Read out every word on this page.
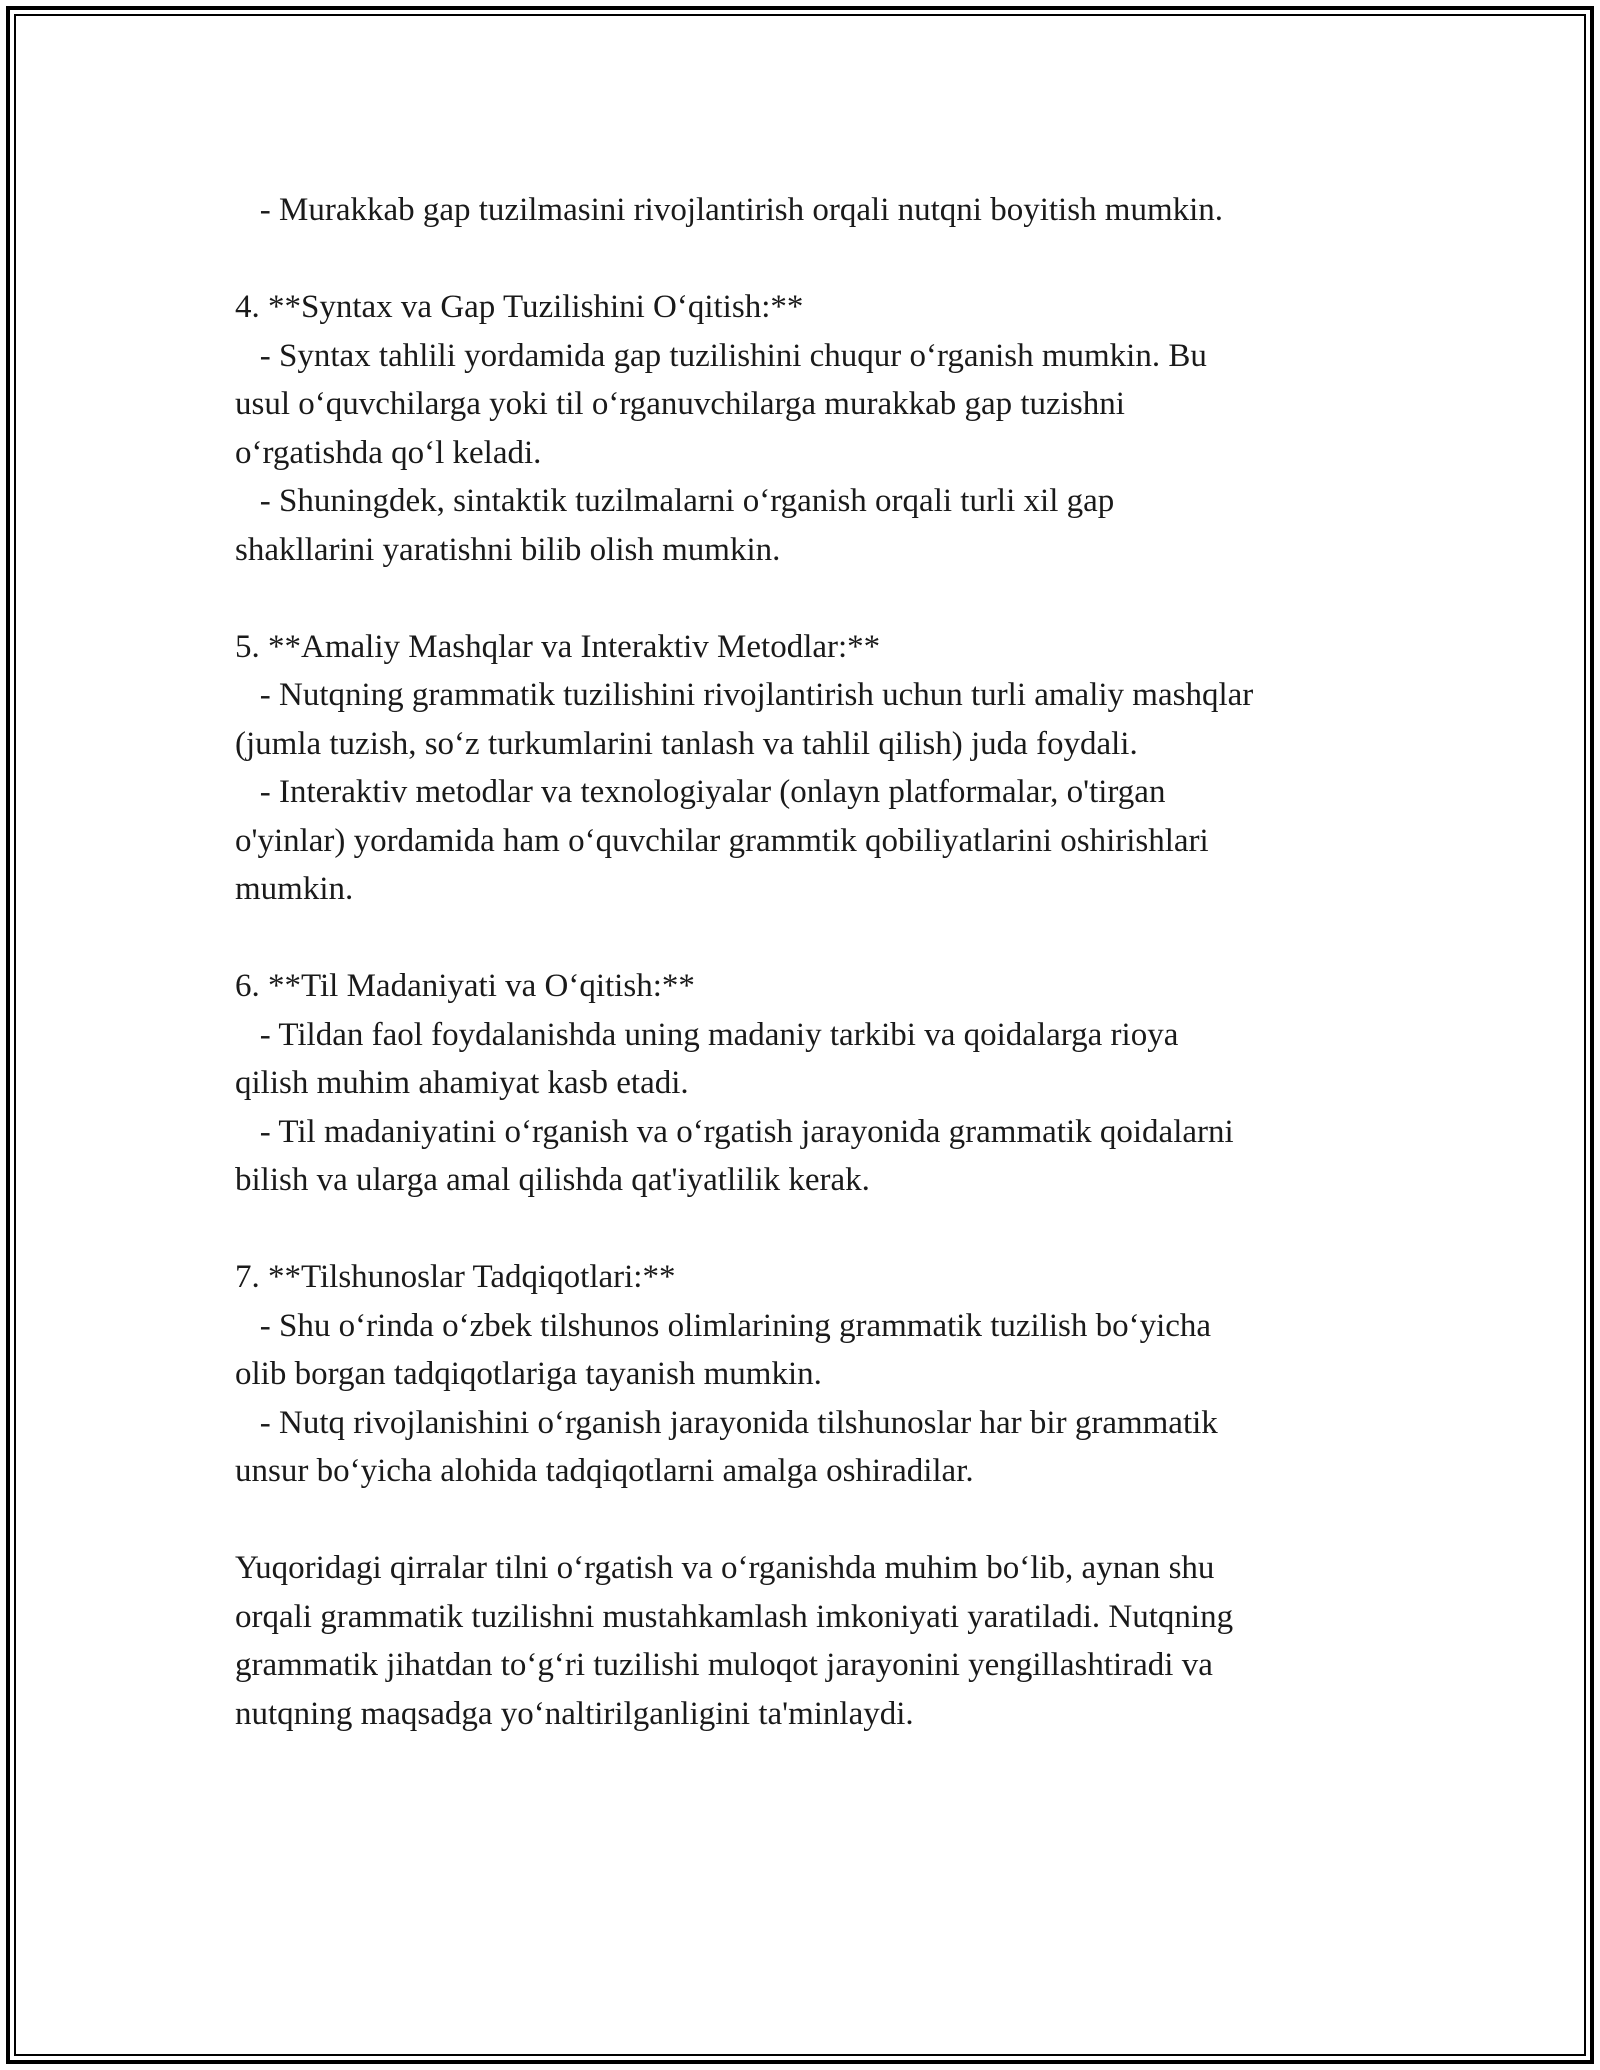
- Murakkab gap tuzilmasini rivojlantirish orqali nutqni boyitish mumkin.
4. **Syntax va Gap Tuzilishini O‘qitish:**
- Syntax tahlili yordamida gap tuzilishini chuqur o‘rganish mumkin. Bu
usul o‘quvchilarga yoki til o‘rganuvchilarga murakkab gap tuzishni
o‘rgatishda qo‘l keladi.
- Shuningdek, sintaktik tuzilmalarni o‘rganish orqali turli xil gap
shakllarini yaratishni bilib olish mumkin.
5. **Amaliy Mashqlar va Interaktiv Metodlar:**
- Nutqning grammatik tuzilishini rivojlantirish uchun turli amaliy mashqlar
(jumla tuzish, so‘z turkumlarini tanlash va tahlil qilish) juda foydali.
- Interaktiv metodlar va texnologiyalar (onlayn platformalar, o'tirgan
o'yinlar) yordamida ham o‘quvchilar grammtik qobiliyatlarini oshirishlari
mumkin.
6. **Til Madaniyati va O‘qitish:**
- Tildan faol foydalanishda uning madaniy tarkibi va qoidalarga rioya
qilish muhim ahamiyat kasb etadi.
- Til madaniyatini o‘rganish va o‘rgatish jarayonida grammatik qoidalarni
bilish va ularga amal qilishda qat'iyatlilik kerak.
7. **Tilshunoslar Tadqiqotlari:**
- Shu o‘rinda o‘zbek tilshunos olimlarining grammatik tuzilish bo‘yicha
olib borgan tadqiqotlariga tayanish mumkin.
- Nutq rivojlanishini o‘rganish jarayonida tilshunoslar har bir grammatik
unsur bo‘yicha alohida tadqiqotlarni amalga oshiradilar.
Yuqoridagi qirralar tilni o‘rgatish va o‘rganishda muhim bo‘lib, aynan shu
orqali grammatik tuzilishni mustahkamlash imkoniyati yaratiladi. Nutqning
grammatik jihatdan to‘g‘ri tuzilishi muloqot jarayonini yengillashtiradi va
nutqning maqsadga yo‘naltirilganligini ta'minlaydi.
